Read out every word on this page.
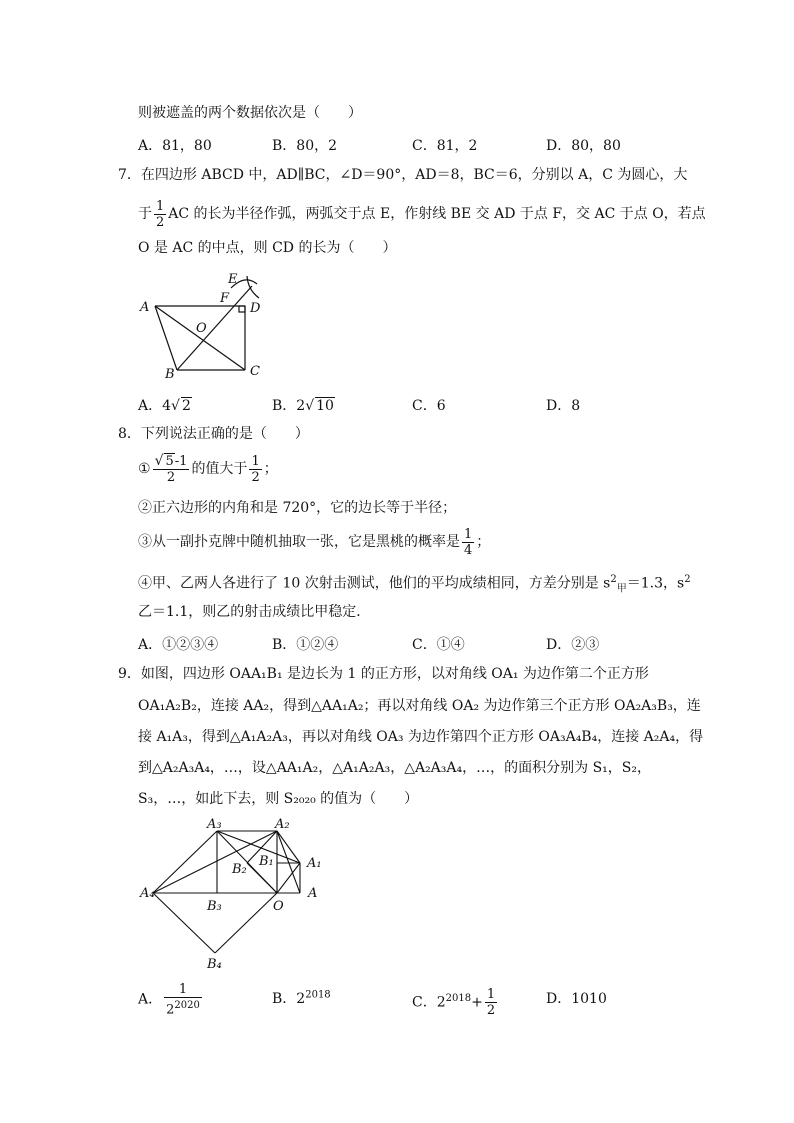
则被遮盖的两个数据依次是（　　）
A．81，80	B．80，2	C．81，2	D．80，80
7．在四边形 ABCD 中，AD∥BC，∠D＝90°，AD＝8，BC＝6，分别以 A，C 为圆心，大
于 $\frac{1}{2}$ AC 的长为半径作弧，两弧交于点 E，作射线 BE 交 AD 于点 F，交 AC 于点 O，若点
O 是 AC 的中点，则 CD 的长为（　　）
A
B	C
D
E
F
O
A．4√ 2	B．2√ 10	C．6	D．8
8．下列说法正确的是（　　）
① $\frac{√ 5-1}{2}$ 的值大于 $\frac{1}{2}$ ；
②正六边形的内角和是 720°，它的边长等于半径；
③从一副扑克牌中随机抽取一张，它是黑桃的概率是 $\frac{1}{4}$ ；
④甲、乙两人各进行了 10 次射击测试，他们的平均成绩相同，方差分别是 $s^2_甲=1.3$，$s^2$
乙＝1.1，则乙的射击成绩比甲稳定．
A．①②③④	B．①②④	C．①④	D．②③
9．如图，四边形 OAA₁B₁ 是边长为 1 的正方形，以对角线 OA₁ 为边作第二个正方形
OA₁A₂B₂，连接 AA₂，得到△AA₁A₂；再以对角线 OA₂ 为边作第三个正方形 OA₂A₃B₃，连
接 A₁A₃，得到△A₁A₂A₃，再以对角线 OA₃ 为边作第四个正方形 OA₃A₄B₄，连接 A₂A₄，得
到△A₂A₃A₄，…，设△AA₁A₂，△A₁A₂A₃，△A₂A₃A₄，…，的面积分别为 S₁，S₂，
S₃，…，如此下去，则 S₂₀₂₀ 的值为（　　）
A₃	A₂
B₁	A₁
B₂
A₄
B₃	O
A
B₄
A． $\frac{1}{2^{2020}}$	B．$2^{2018}$	C．$2^{2018}+ \frac{1}{2}$	D．1010
